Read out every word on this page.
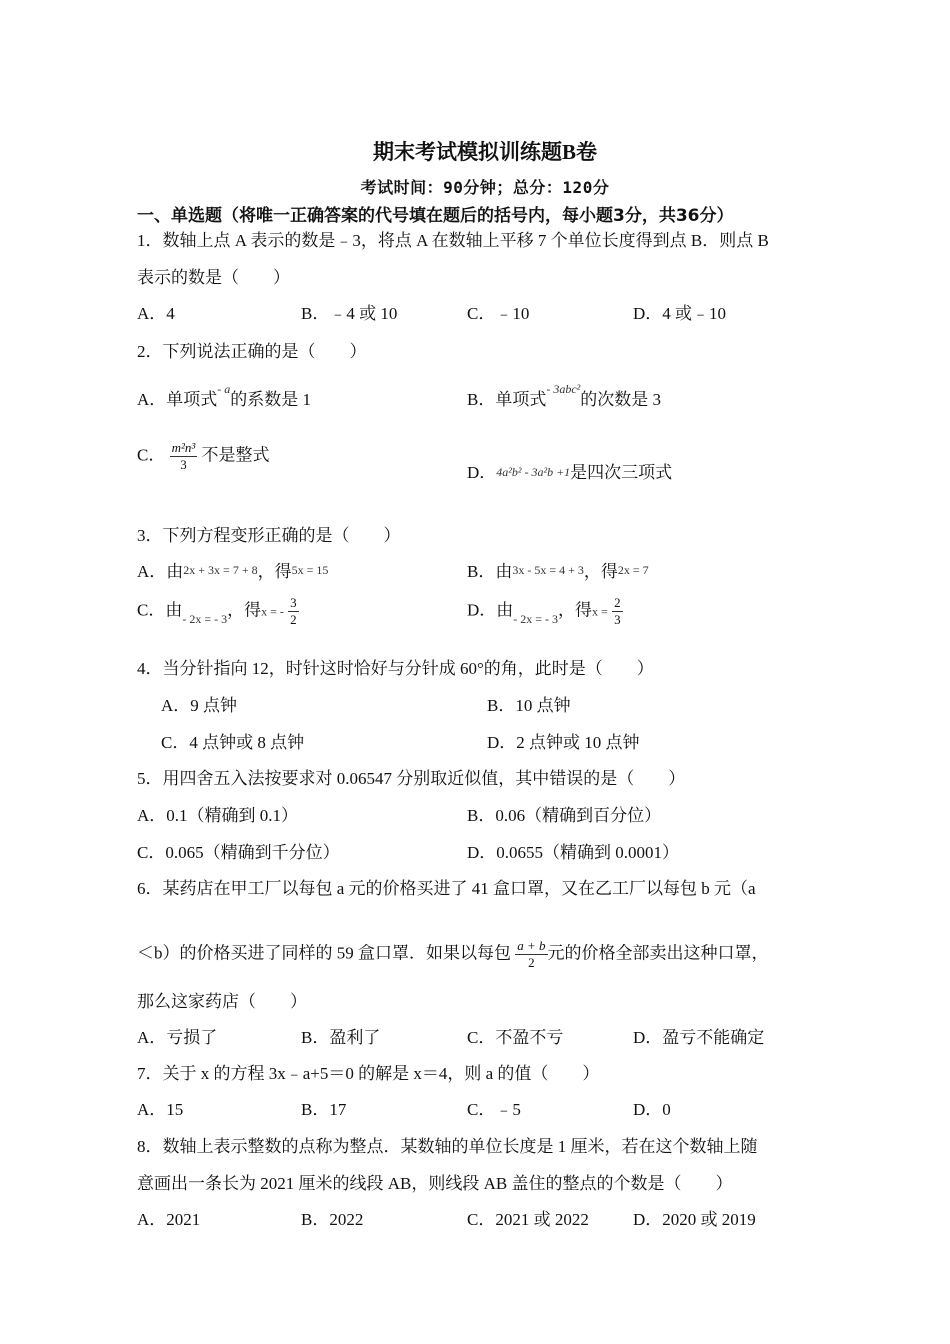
期末考试模拟训练题B卷
考试时间：90分钟；总分：120分
一、单选题（将唯一正确答案的代号填在题后的括号内，每小题3分，共36分）
1．数轴上点 A 表示的数是﹣3，将点 A 在数轴上平移 7 个单位长度得到点 B．则点 B
表示的数是（　　）
A．4	B．﹣4 或 10	C．﹣10	D．4 或﹣10
2．下列说法正确的是（　　）
A．单项式$^{- a}$的系数是 1	B．单项式$^{- 3abc^2}$的次数是 3
C． $\frac{\text{m²n³}}{3}$ 不是整式
D．4a²b² - 3a²b +1是四次三项式
3．下列方程变形正确的是（　　）
A．由2x + 3x = 7 + 8，得5x = 15	B．由3x - 5x = 4 + 3，得2x = 7
C．由$_{- 2x = - 3}$，得x = - $\frac{3}{2}$	D．由$_{- 2x = - 3}$，得$x = \frac{2}{3}$
4．当分针指向 12，时针这时恰好与分针成 60°的角，此时是（　　）
A．9 点钟	B．10 点钟
C．4 点钟或 8 点钟	D．2 点钟或 10 点钟
5．用四舍五入法按要求对 0.06547 分别取近似值，其中错误的是（　　）
A．0.1（精确到 0.1）	B．0.06（精确到百分位）
C．0.065（精确到千分位）	D．0.0655（精确到 0.0001）
6．某药店在甲工厂以每包 a 元的价格买进了 41 盒口罩，又在乙工厂以每包 b 元（a
＜b）的价格买进了同样的 59 盒口罩．如果以每包 $\frac{a + b}{2}$ 元的价格全部卖出这种口罩，
那么这家药店（　　）
A．亏损了	B．盈利了	C．不盈不亏	D．盈亏不能确定
7．关于 x 的方程 3x﹣a+5＝0 的解是 x＝4，则 a 的值（　　）
A．15	B．17	C．﹣5	D．0
8．数轴上表示整数的点称为整点．某数轴的单位长度是 1 厘米，若在这个数轴上随
意画出一条长为 2021 厘米的线段 AB，则线段 AB 盖住的整点的个数是（　　）
A．2021	B．2022	C．2021 或 2022	D．2020 或 2019
